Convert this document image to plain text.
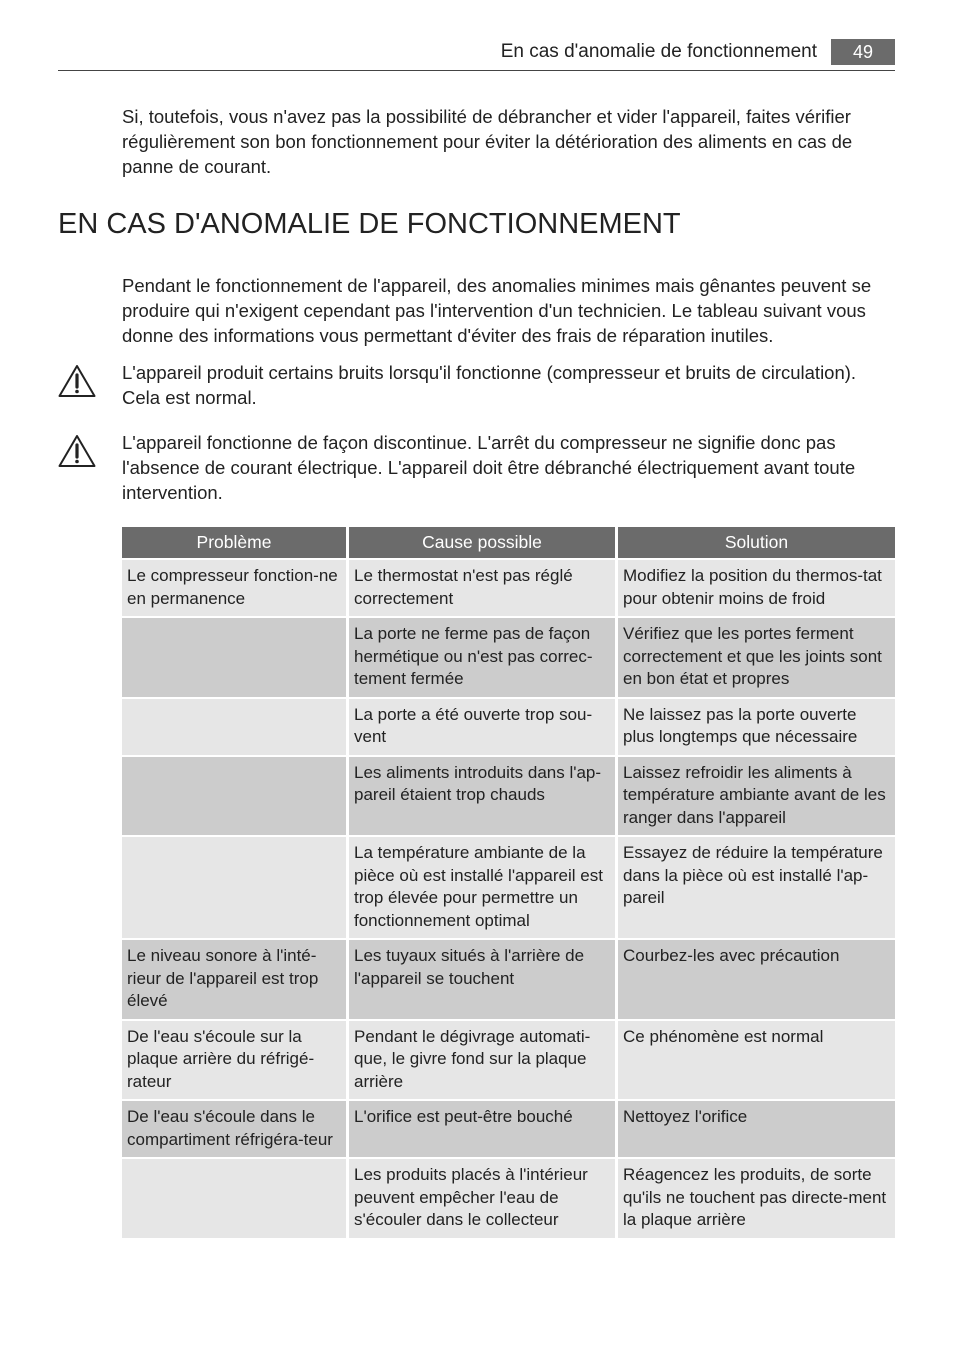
En cas d'anomalie de fonctionnement	49

Si, toutefois, vous n'avez pas la possibilité de débrancher et vider l'appareil, faites vérifier régulièrement son bon fonctionnement pour éviter la détérioration des aliments en cas de panne de courant.

EN CAS D'ANOMALIE DE FONCTIONNEMENT

Pendant le fonctionnement de l'appareil, des anomalies minimes mais gênantes peuvent se produire qui n'exigent cependant pas l'intervention d'un technicien. Le tableau suivant vous donne des informations vous permettant d'éviter des frais de réparation inutiles.

L'appareil produit certains bruits lorsqu'il fonctionne (compresseur et bruits de circulation). Cela est normal.

L'appareil fonctionne de façon discontinue. L'arrêt du compresseur ne signifie donc pas l'absence de courant électrique. L'appareil doit être débranché électriquement avant toute intervention.

Problème	Cause possible	Solution
Le compresseur fonction-ne en permanence	Le thermostat n'est pas réglé correctement	Modifiez la position du thermos-tat pour obtenir moins de froid
	La porte ne ferme pas de façon hermétique ou n'est pas correc-tement fermée	Vérifiez que les portes ferment correctement et que les joints sont en bon état et propres
	La porte a été ouverte trop sou-vent	Ne laissez pas la porte ouverte plus longtemps que nécessaire
	Les aliments introduits dans l'ap-pareil étaient trop chauds	Laissez refroidir les aliments à température ambiante avant de les ranger dans l'appareil
	La température ambiante de la pièce où est installé l'appareil est trop élevée pour permettre un fonctionnement optimal	Essayez de réduire la température dans la pièce où est installé l'ap-pareil
Le niveau sonore à l'inté-rieur de l'appareil est trop élevé	Les tuyaux situés à l'arrière de l'appareil se touchent	Courbez-les avec précaution
De l'eau s'écoule sur la plaque arrière du réfrigé-rateur	Pendant le dégivrage automati-que, le givre fond sur la plaque arrière	Ce phénomène est normal
De l'eau s'écoule dans le compartiment réfrigéra-teur	L'orifice est peut-être bouché	Nettoyez l'orifice
	Les produits placés à l'intérieur peuvent empêcher l'eau de s'écouler dans le collecteur	Réagencez les produits, de sorte qu'ils ne touchent pas directe-ment la plaque arrière
